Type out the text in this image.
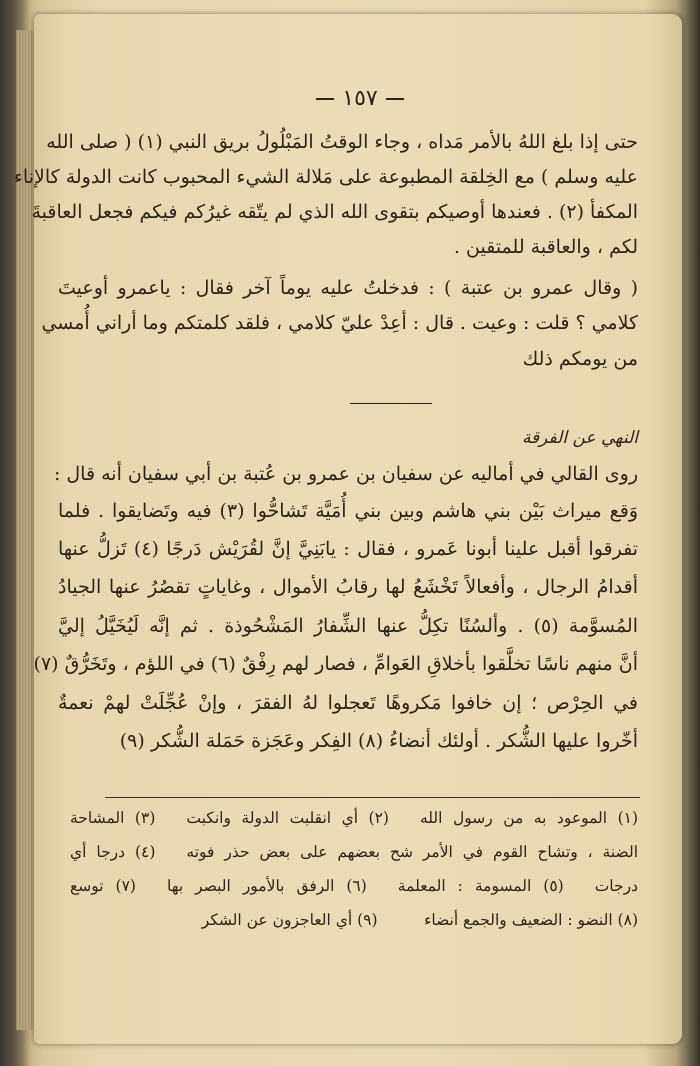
١٥٧
حتى إذا بلغ اللهُ بالأمر مَداه ، وجاء الوقتُ المَبْلُولُ بريق النبي (١) ( صلى الله
عليه وسلم ) مع الخِلقة المطبوعة على مَلالة الشيء المحبوب كانت الدولة كالإناء
المكفأ (٢) . فعندها أوصيكم بتقوى الله الذي لم يتّقه غيرُكم فيكم فجعل العاقبةَ
لكم ، والعاقبة للمتقين .
( وقال عمرو بن عتبة ) : فدخلتُ عليه يوماً آخر فقال : ياعمرو أوعيتَ
كلامي ؟ قلت : وعيت . قال : أعِدْ عليّ كلامي ، فلقد كلمتكم وما أراني أُمسي
من يومكم ذلك
النهي عن الفرقة
روى القالي في أماليه عن سفيان بن عمرو بن عُتبة بن أبي سفيان أنه قال :
وَقع ميراث بَيْن بني هاشم وبين بني أُمَيَّة تَشاحُّوا (٣) فيه وتَضايقوا . فلما
تفرقوا أقبل علينا أبونا عَمرو ، فقال : يابَنِيَّ إنَّ لقُرَيْش دَرجًا (٤) تَزلُّ عنها
أقدامُ الرجال ، وأفعالاً تَخْشَعُ لها رقابُ الأموال ، وغاياتٍ تقصُرُ عنها الجيادُ
المُسوَّمة (٥) . وألسُنًا تكِلُّ عنها الشِّفارُ المَشْحُوذة . ثم إنَّه لَيُخَيَّلُ إليَّ
أنَّ منهم ناسًا تخلَّقوا بأخلاقِ العَوامِّ ، فصار لهم رِفْقٌ (٦) في اللؤم ، وتَخَرُّقٌ (٧)
في الحِرْص ؛ إن خافوا مَكروهًا تَعجلوا لهُ الفقرَ ، وإنْ عُجِّلَتْ لهمْ نعمةٌ
أخّروا عليها الشُّكر . أولئك أنضاءُ (٨) الفِكر وعَجَزة حَمَلة الشُّكر (٩)
(١) الموعود به من رسول الله  (٢) أي انقلبت الدولة وانكبت  (٣) المشاحة
الضنة ، وتشاح القوم في الأمر شح بعضهم على بعض حذر فوته  (٤) درجا أي
درجات  (٥) المسومة : المعلمة  (٦) الرفق بالأمور البصر بها  (٧) توسع
(٨) النضو : الضعيف والجمع أنضاء   (٩) أي العاجزون عن الشكر
